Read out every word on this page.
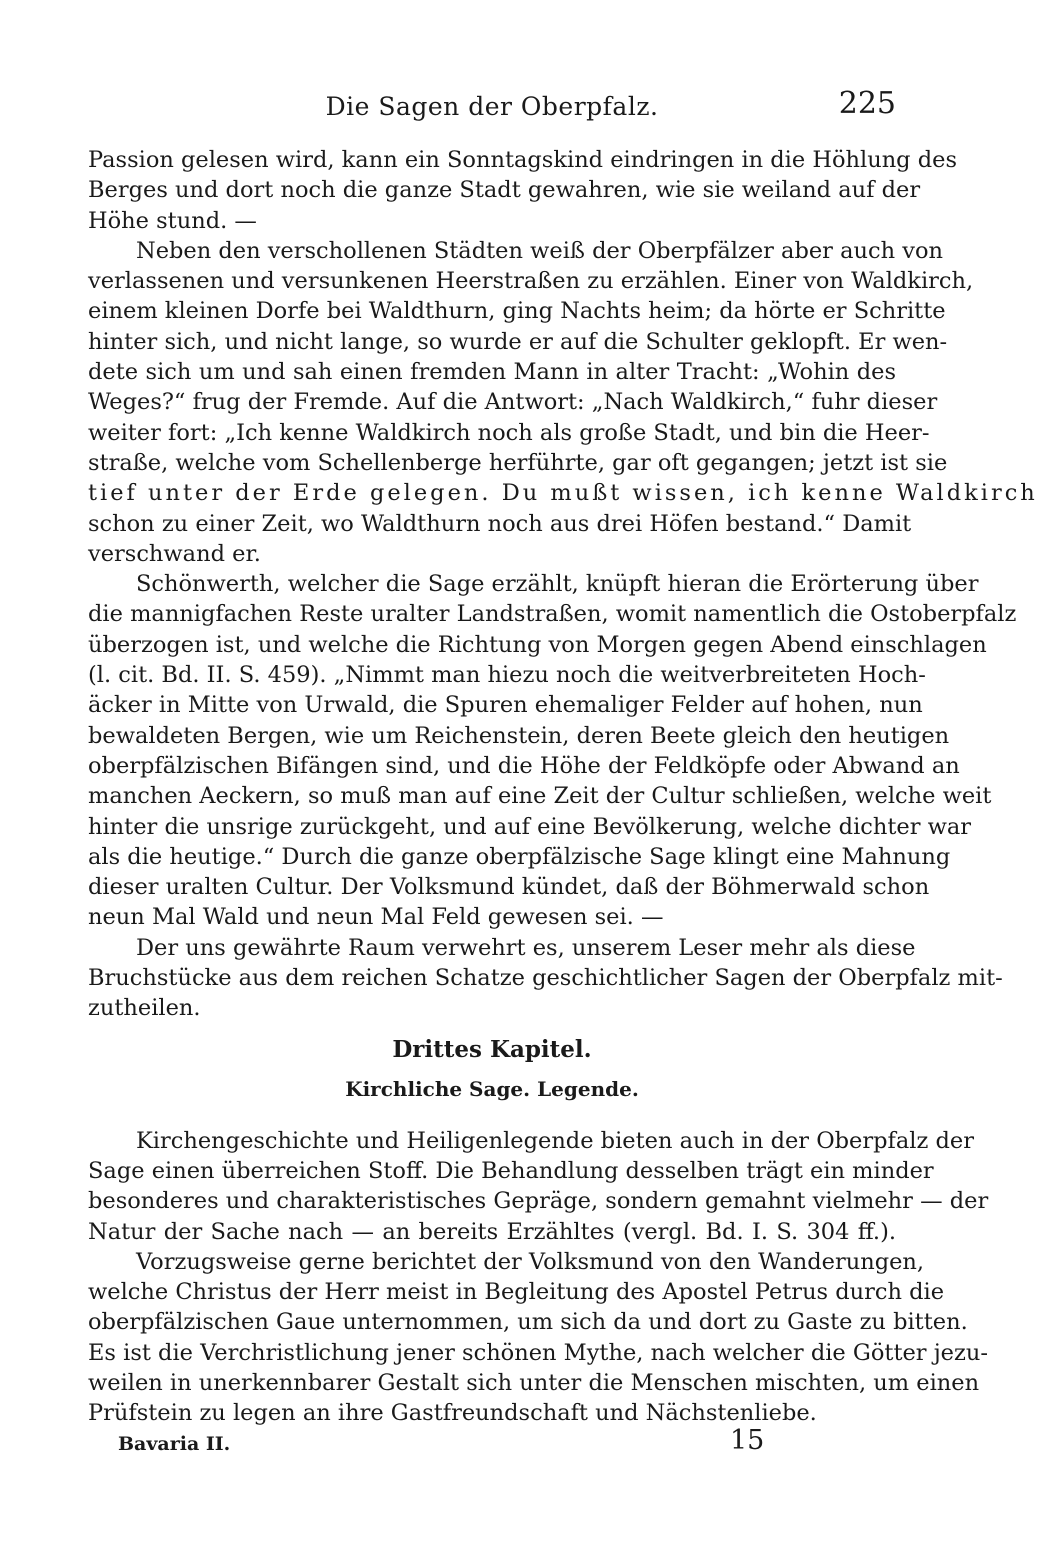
Die Sagen der Oberpfalz.	225
Passion gelesen wird, kann ein Sonntagskind eindringen in die Höhlung des
Berges und dort noch die ganze Stadt gewahren, wie sie weiland auf der
Höhe stund. —
Neben den verschollenen Städten weiß der Oberpfälzer aber auch von
verlassenen und versunkenen Heerstraßen zu erzählen. Einer von Waldkirch,
einem kleinen Dorfe bei Waldthurn, ging Nachts heim; da hörte er Schritte
hinter sich, und nicht lange, so wurde er auf die Schulter geklopft. Er wen-
dete sich um und sah einen fremden Mann in alter Tracht: „Wohin des
Weges?“ frug der Fremde. Auf die Antwort: „Nach Waldkirch,“ fuhr dieser
weiter fort: „Ich kenne Waldkirch noch als große Stadt, und bin die Heer-
straße, welche vom Schellenberge herführte, gar oft gegangen; jetzt ist sie
tief unter der Erde gelegen. Du mußt wissen, ich kenne Waldkirch
schon zu einer Zeit, wo Waldthurn noch aus drei Höfen bestand.“ Damit
verschwand er.
Schönwerth, welcher die Sage erzählt, knüpft hieran die Erörterung über
die mannigfachen Reste uralter Landstraßen, womit namentlich die Ostoberpfalz
überzogen ist, und welche die Richtung von Morgen gegen Abend einschlagen
(l. cit. Bd. II. S. 459). „Nimmt man hiezu noch die weitverbreiteten Hoch-
äcker in Mitte von Urwald, die Spuren ehemaliger Felder auf hohen, nun
bewaldeten Bergen, wie um Reichenstein, deren Beete gleich den heutigen
oberpfälzischen Bifängen sind, und die Höhe der Feldköpfe oder Abwand an
manchen Aeckern, so muß man auf eine Zeit der Cultur schließen, welche weit
hinter die unsrige zurückgeht, und auf eine Bevölkerung, welche dichter war
als die heutige.“ Durch die ganze oberpfälzische Sage klingt eine Mahnung
dieser uralten Cultur. Der Volksmund kündet, daß der Böhmerwald schon
neun Mal Wald und neun Mal Feld gewesen sei. —
Der uns gewährte Raum verwehrt es, unserem Leser mehr als diese
Bruchstücke aus dem reichen Schatze geschichtlicher Sagen der Oberpfalz mit-
zutheilen.
Drittes Kapitel.
Kirchliche Sage. Legende.
Kirchengeschichte und Heiligenlegende bieten auch in der Oberpfalz der
Sage einen überreichen Stoff. Die Behandlung desselben trägt ein minder
besonderes und charakteristisches Gepräge, sondern gemahnt vielmehr — der
Natur der Sache nach — an bereits Erzähltes (vergl. Bd. I. S. 304 ff.).
Vorzugsweise gerne berichtet der Volksmund von den Wanderungen,
welche Christus der Herr meist in Begleitung des Apostel Petrus durch die
oberpfälzischen Gaue unternommen, um sich da und dort zu Gaste zu bitten.
Es ist die Verchristlichung jener schönen Mythe, nach welcher die Götter jezu-
weilen in unerkennbarer Gestalt sich unter die Menschen mischten, um einen
Prüfstein zu legen an ihre Gastfreundschaft und Nächstenliebe.
Bavaria II.	15
